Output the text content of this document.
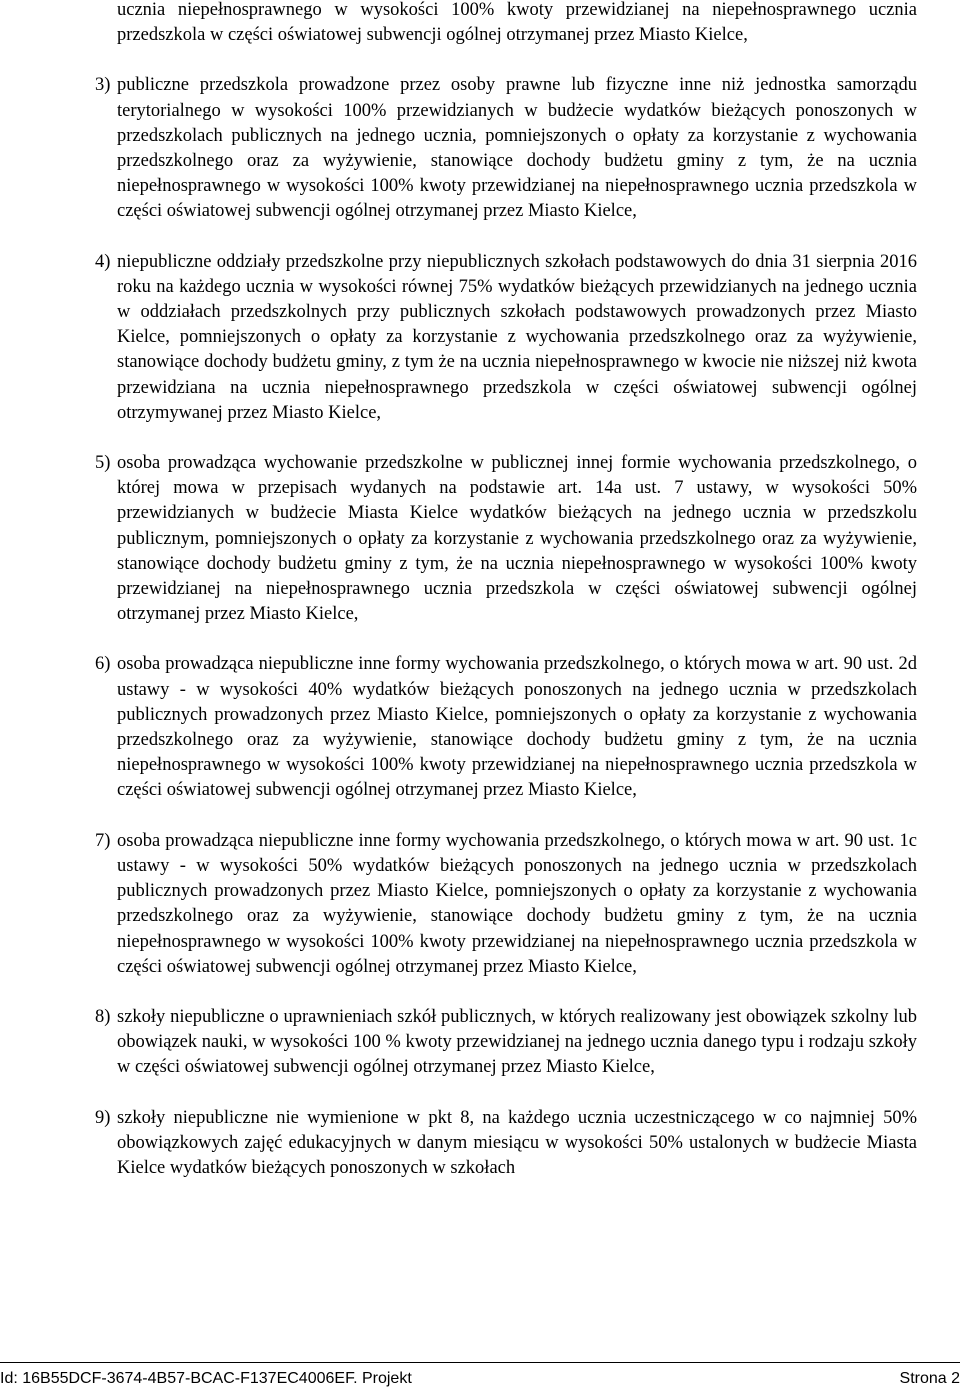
ucznia niepełnosprawnego w wysokości 100% kwoty przewidzianej na niepełnosprawnego ucznia przedszkola w części oświatowej subwencji ogólnej otrzymanej przez Miasto Kielce,

3) publiczne przedszkola prowadzone przez osoby prawne lub fizyczne inne niż jednostka samorządu terytorialnego w wysokości 100% przewidzianych w budżecie wydatków bieżących ponoszonych w przedszkolach publicznych na jednego ucznia, pomniejszonych o opłaty za korzystanie z wychowania przedszkolnego oraz za wyżywienie, stanowiące dochody budżetu gminy z tym, że na ucznia niepełnosprawnego w wysokości 100% kwoty przewidzianej na niepełnosprawnego ucznia przedszkola w części oświatowej subwencji ogólnej otrzymanej przez Miasto Kielce,
4) niepubliczne oddziały przedszkolne przy niepublicznych szkołach podstawowych do dnia 31 sierpnia 2016 roku na każdego ucznia w wysokości równej 75% wydatków bieżących przewidzianych na jednego ucznia w oddziałach przedszkolnych przy publicznych szkołach podstawowych prowadzonych przez Miasto Kielce, pomniejszonych o opłaty za korzystanie z wychowania przedszkolnego oraz za wyżywienie, stanowiące dochody budżetu gminy, z tym że na ucznia niepełnosprawnego w kwocie nie niższej niż kwota przewidziana na ucznia niepełnosprawnego przedszkola w części oświatowej subwencji ogólnej otrzymywanej przez Miasto Kielce,
5) osoba prowadząca wychowanie przedszkolne w publicznej innej formie wychowania przedszkolnego, o której mowa w przepisach wydanych na podstawie art. 14a ust. 7 ustawy, w wysokości 50% przewidzianych w budżecie Miasta Kielce wydatków bieżących na jednego ucznia w przedszkolu publicznym, pomniejszonych o opłaty za korzystanie z wychowania przedszkolnego oraz za wyżywienie, stanowiące dochody budżetu gminy z tym, że na ucznia niepełnosprawnego w wysokości 100% kwoty przewidzianej na niepełnosprawnego ucznia przedszkola w części oświatowej subwencji ogólnej otrzymanej przez Miasto Kielce,
6) osoba prowadząca niepubliczne inne formy wychowania przedszkolnego, o których mowa w art. 90 ust. 2d ustawy - w wysokości 40% wydatków bieżących ponoszonych na jednego ucznia w przedszkolach publicznych prowadzonych przez Miasto Kielce, pomniejszonych o opłaty za korzystanie z wychowania przedszkolnego oraz za wyżywienie, stanowiące dochody budżetu gminy z tym, że na ucznia niepełnosprawnego w wysokości 100% kwoty przewidzianej na niepełnosprawnego ucznia przedszkola w części oświatowej subwencji ogólnej otrzymanej przez Miasto Kielce,
7) osoba prowadząca niepubliczne inne formy wychowania przedszkolnego, o których mowa w art. 90 ust. 1c ustawy - w wysokości 50% wydatków bieżących ponoszonych na jednego ucznia w przedszkolach publicznych prowadzonych przez Miasto Kielce, pomniejszonych o opłaty za korzystanie z wychowania przedszkolnego oraz za wyżywienie, stanowiące dochody budżetu gminy z tym, że na ucznia niepełnosprawnego w wysokości 100% kwoty przewidzianej na niepełnosprawnego ucznia przedszkola w części oświatowej subwencji ogólnej otrzymanej przez Miasto Kielce,
8) szkoły niepubliczne o uprawnieniach szkół publicznych, w których realizowany jest obowiązek szkolny lub obowiązek nauki, w wysokości 100 % kwoty przewidzianej na jednego ucznia danego typu i rodzaju szkoły w części oświatowej subwencji ogólnej otrzymanej przez Miasto Kielce,
9) szkoły niepubliczne nie wymienione w pkt 8, na każdego ucznia uczestniczącego w co najmniej 50% obowiązkowych zajęć edukacyjnych w danym miesiącu w wysokości 50% ustalonych w budżecie Miasta Kielce wydatków bieżących ponoszonych w szkołach
Id: 16B55DCF-3674-4B57-BCAC-F137EC4006EF. Projekt	Strona 2
